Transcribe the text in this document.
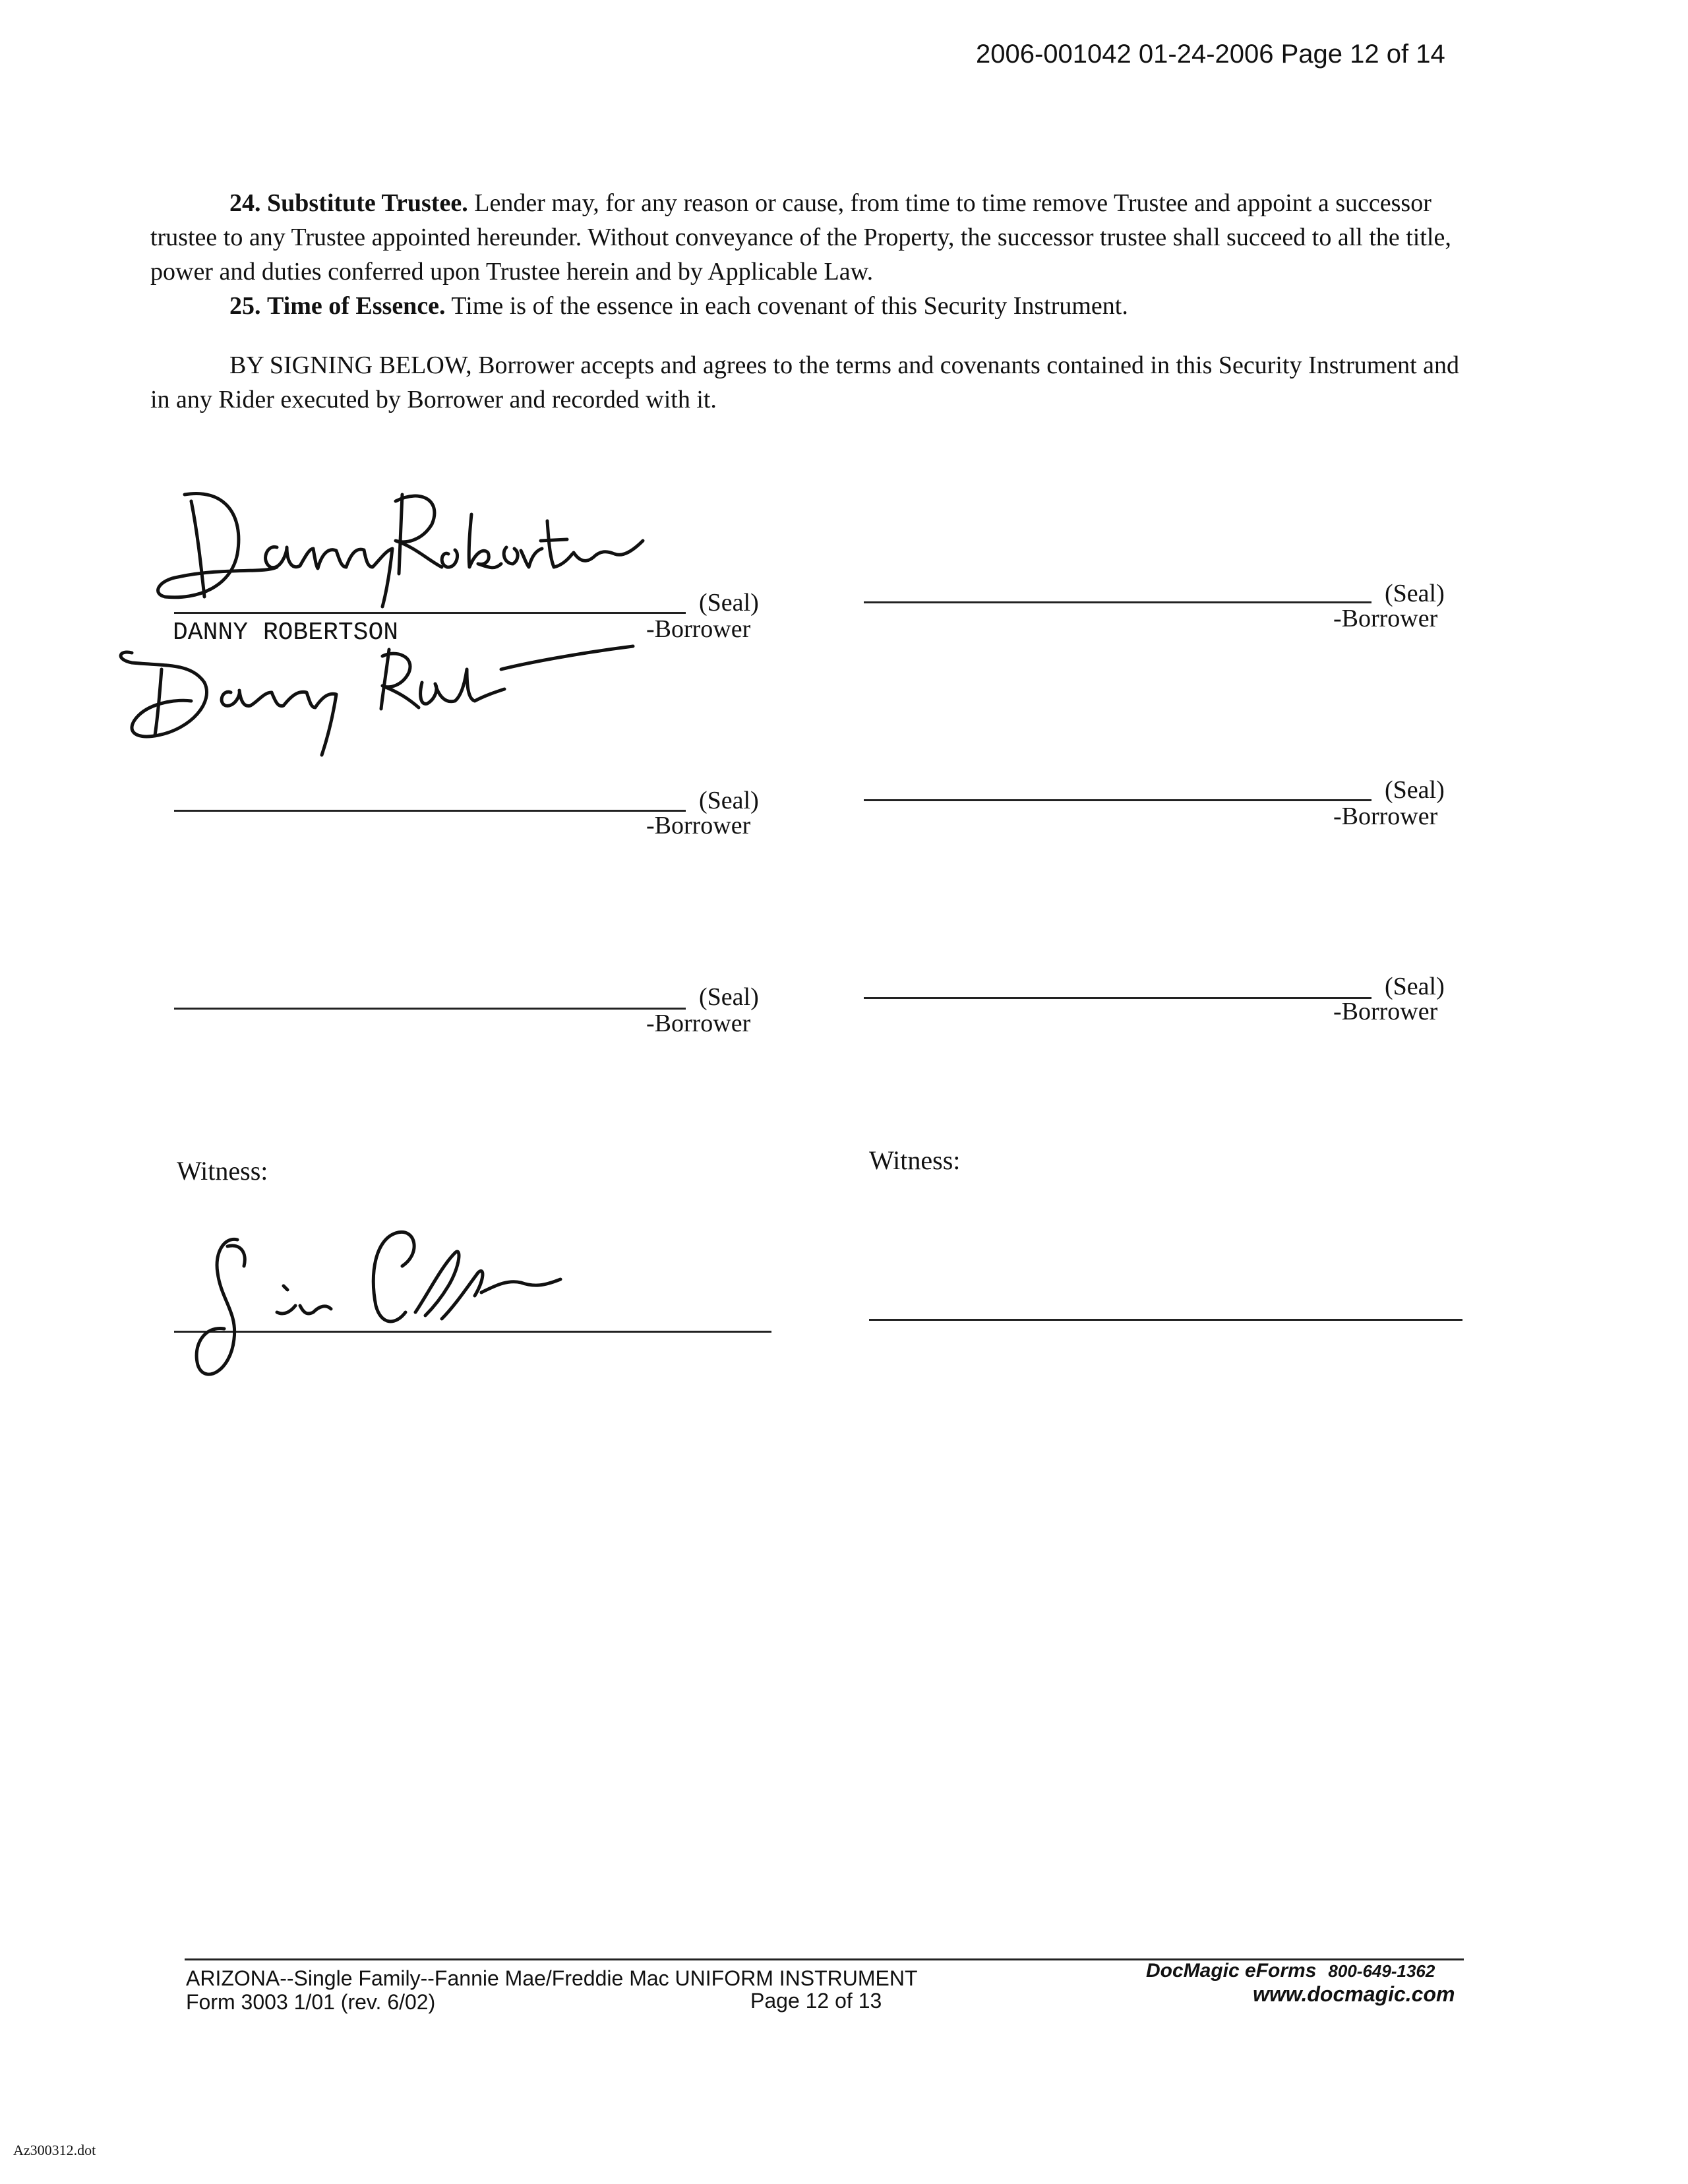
2006-001042 01-24-2006 Page 12 of 14
24. Substitute Trustee. Lender may, for any reason or cause, from time to time remove Trustee and appoint a successor trustee to any Trustee appointed hereunder. Without conveyance of the Property, the successor trustee shall succeed to all the title, power and duties conferred upon Trustee herein and by Applicable Law.
25. Time of Essence. Time is of the essence in each covenant of this Security Instrument.
BY SIGNING BELOW, Borrower accepts and agrees to the terms and covenants contained in this Security Instrument and in any Rider executed by Borrower and recorded with it.
(Seal)
-Borrower
DANNY ROBERTSON
(Seal)
-Borrower
(Seal)
-Borrower
(Seal)
-Borrower
(Seal)
-Borrower
(Seal)
-Borrower
Witness:	Witness:
ARIZONA--Single Family--Fannie Mae/Freddie Mac UNIFORM INSTRUMENT
Form 3003 1/01 (rev. 6/02)	Page 12 of 13
DocMagic eForms 800-649-1362
www.docmagic.com
Az300312.dot
